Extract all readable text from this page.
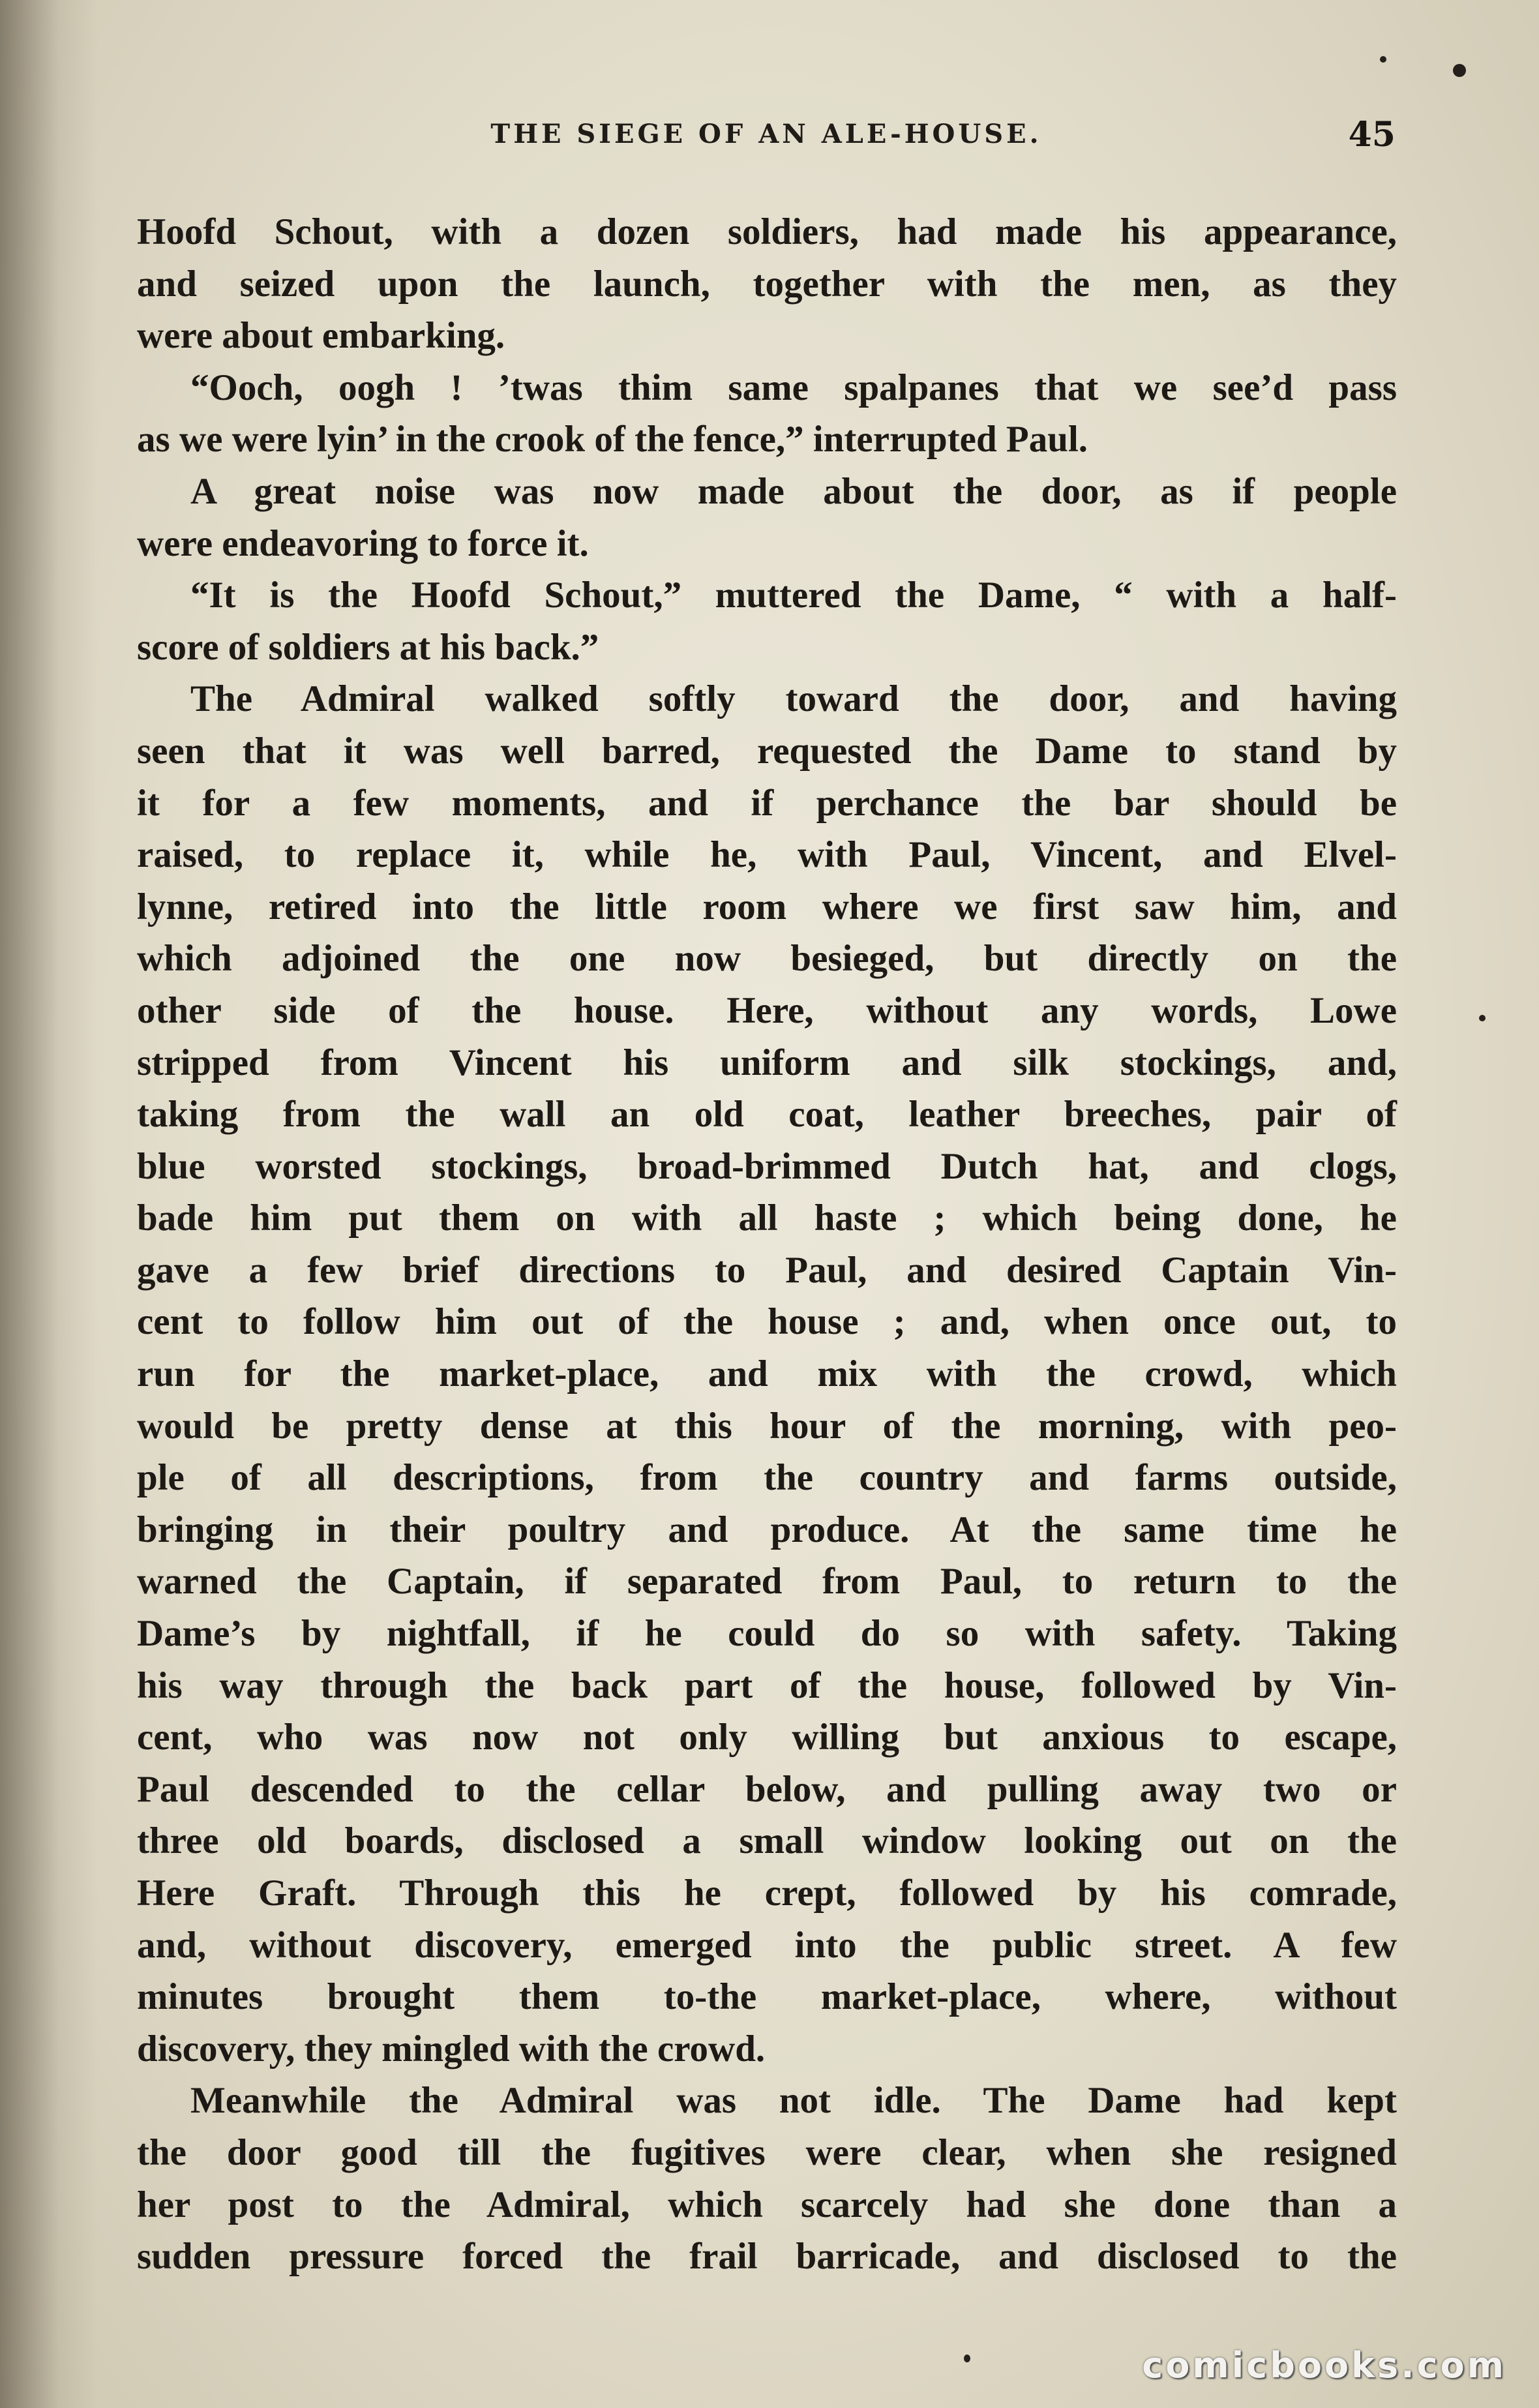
THE SIEGE OF AN ALE-HOUSE.	45
Hoofd Schout, with a dozen soldiers, had made his appearance,
and seized upon the launch, together with the men, as they
were about embarking.
“Ooch, oogh ! ’twas thim same spalpanes that we see’d pass
as we were lyin’ in the crook of the fence,” interrupted Paul.
A great noise was now made about the door, as if people
were endeavoring to force it.
“It is the Hoofd Schout,” muttered the Dame, “ with a half-
score of soldiers at his back.”
The Admiral walked softly toward the door, and having
seen that it was well barred, requested the Dame to stand by
it for a few moments, and if perchance the bar should be
raised, to replace it, while he, with Paul, Vincent, and Elvel-
lynne, retired into the little room where we first saw him, and
which adjoined the one now besieged, but directly on the
other side of the house. Here, without any words, Lowe
stripped from Vincent his uniform and silk stockings, and,
taking from the wall an old coat, leather breeches, pair of
blue worsted stockings, broad-brimmed Dutch hat, and clogs,
bade him put them on with all haste ; which being done, he
gave a few brief directions to Paul, and desired Captain Vin-
cent to follow him out of the house ; and, when once out, to
run for the market-place, and mix with the crowd, which
would be pretty dense at this hour of the morning, with peo-
ple of all descriptions, from the country and farms outside,
bringing in their poultry and produce. At the same time he
warned the Captain, if separated from Paul, to return to the
Dame’s by nightfall, if he could do so with safety. Taking
his way through the back part of the house, followed by Vin-
cent, who was now not only willing but anxious to escape,
Paul descended to the cellar below, and pulling away two or
three old boards, disclosed a small window looking out on the
Here Graft. Through this he crept, followed by his comrade,
and, without discovery, emerged into the public street. A few
minutes brought them to-the market-place, where, without
discovery, they mingled with the crowd.
Meanwhile the Admiral was not idle. The Dame had kept
the door good till the fugitives were clear, when she resigned
her post to the Admiral, which scarcely had she done than a
sudden pressure forced the frail barricade, and disclosed to the
comicbooks.com
